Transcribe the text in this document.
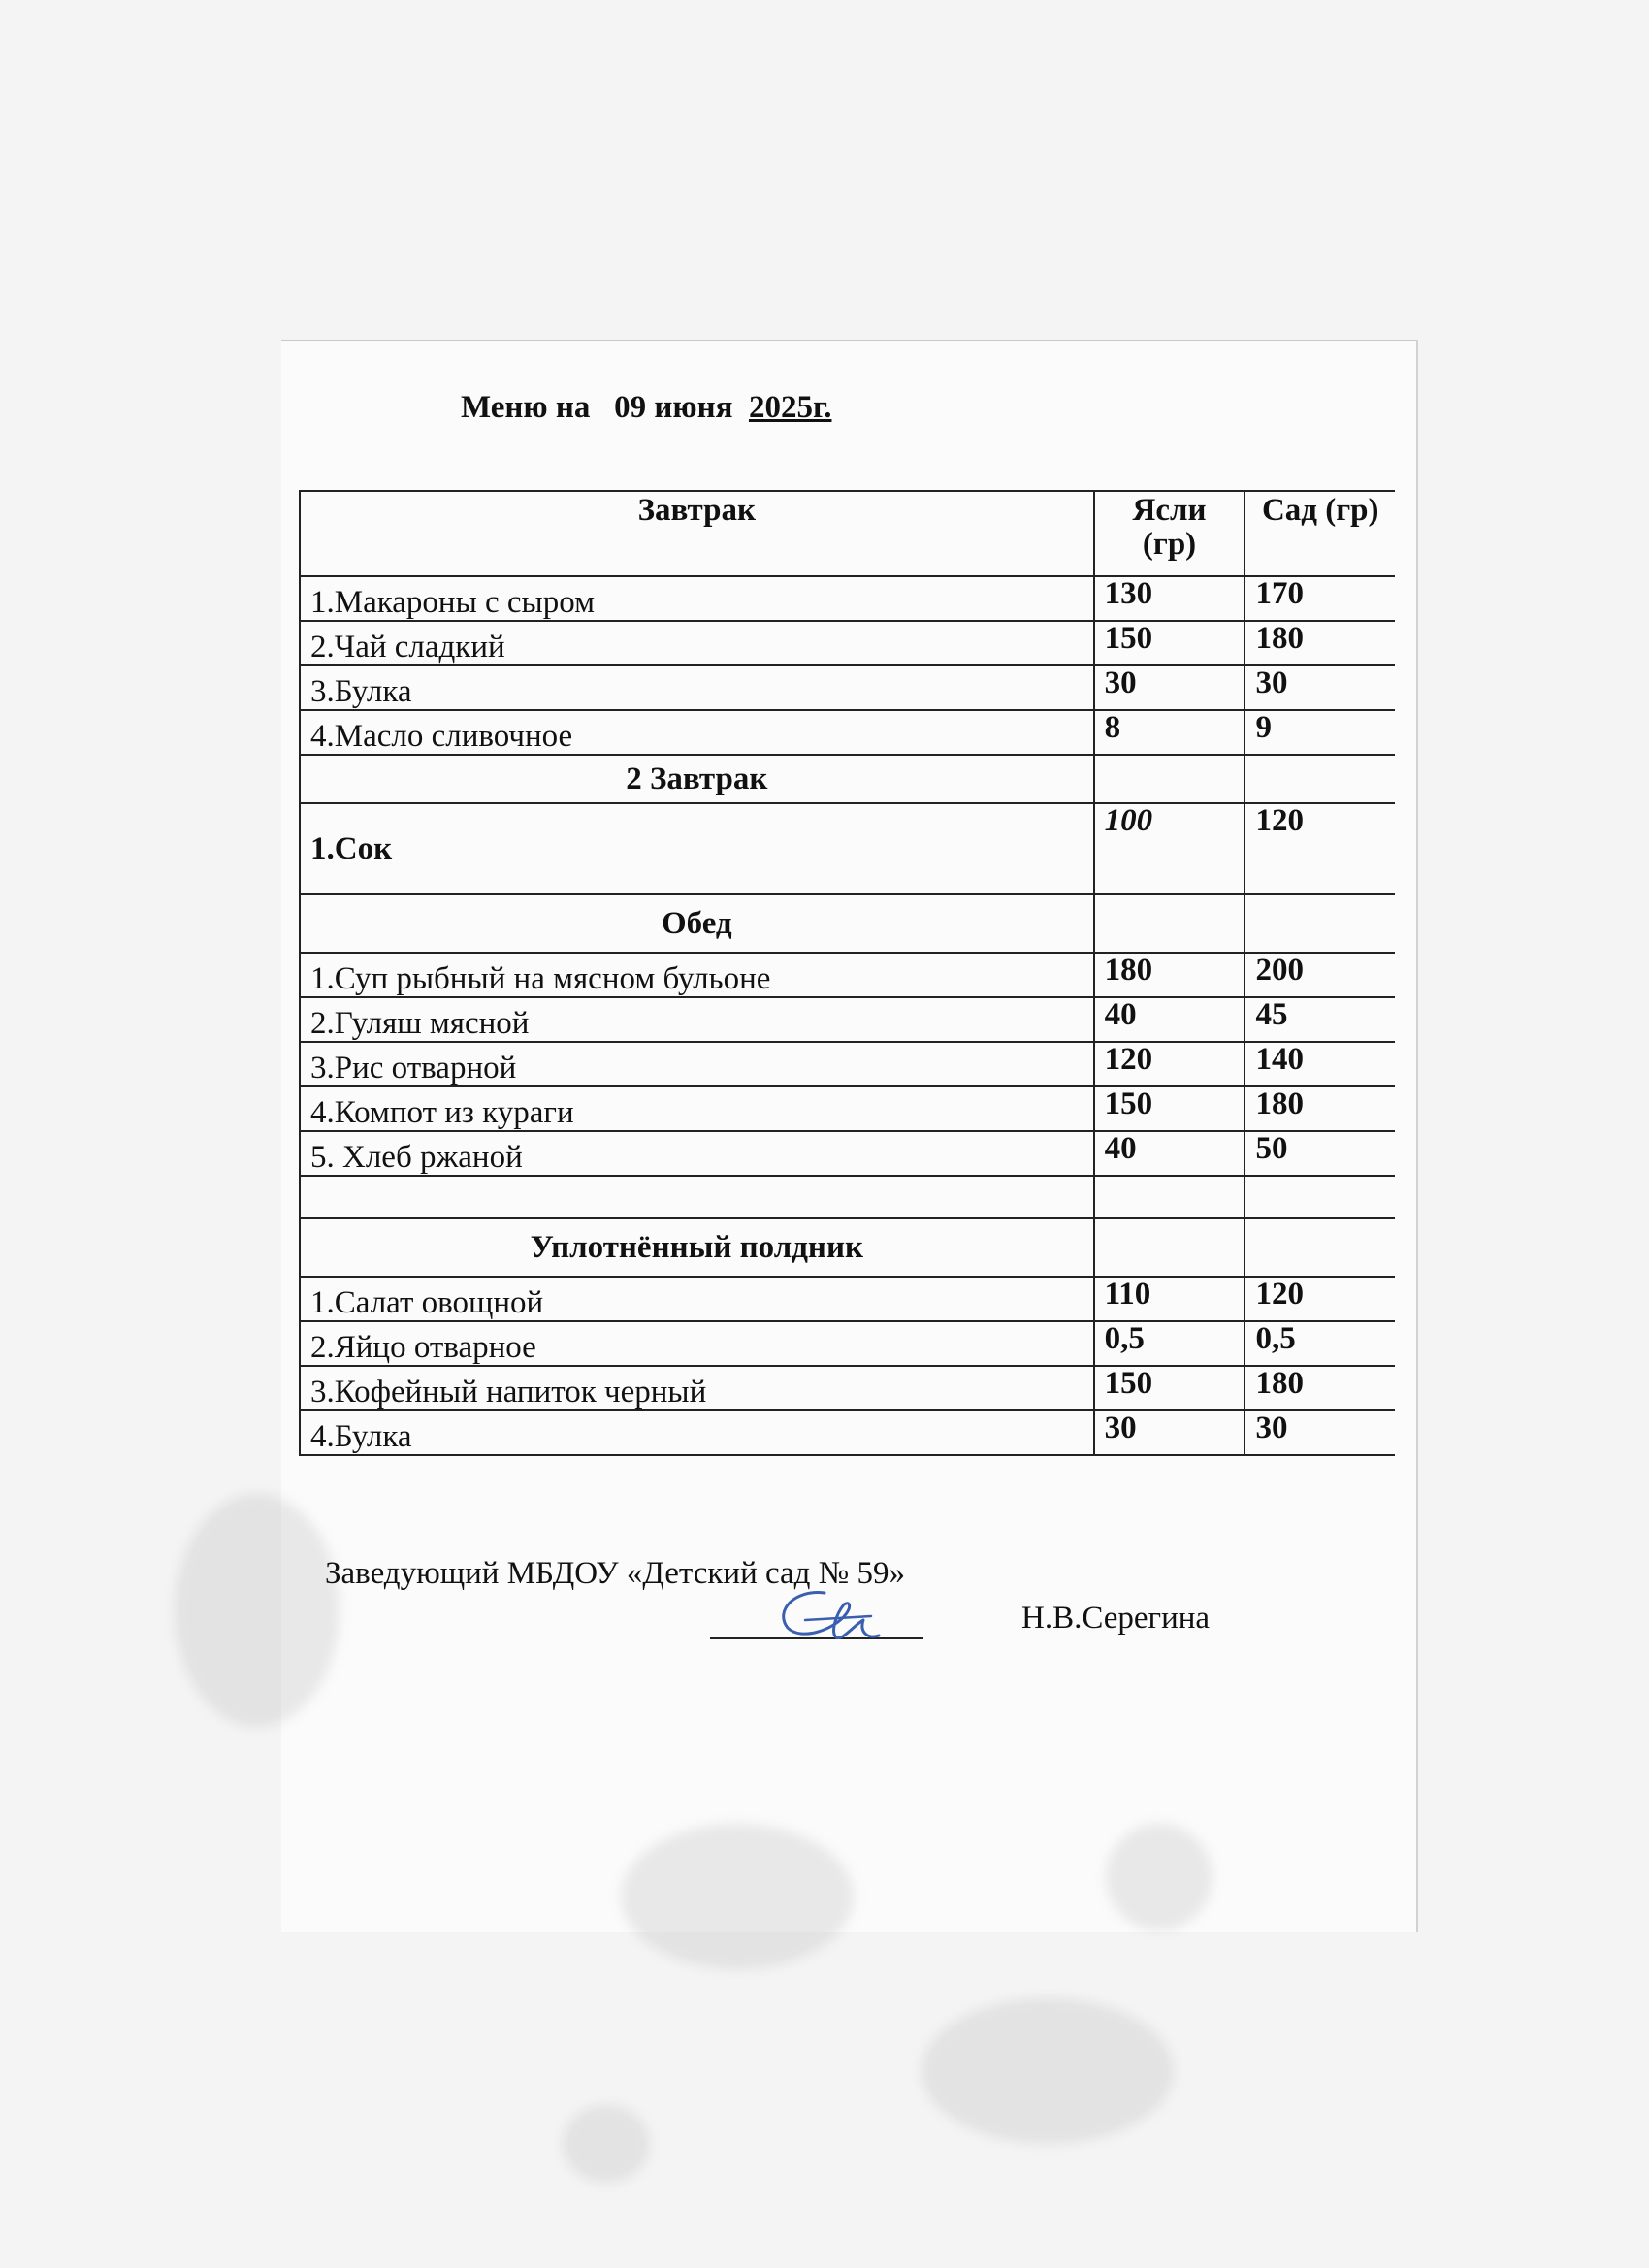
Меню на 09 июня 2025г.
Завтрак	Ясли (гр)	Сад (гр)
1.Макароны с сыром	130	170
2.Чай сладкий	150	180
3.Булка	30	30
4.Масло сливочное	8	9
2 Завтрак		
1.Сок	100	120
Обед		
1.Суп рыбный на мясном бульоне	180	200
2.Гуляш мясной	40	45
3.Рис отварной	120	140
4.Компот из кураги	150	180
5. Хлеб ржаной	40	50

Уплотнённый полдник		
1.Салат овощной	110	120
2.Яйцо отварное	0,5	0,5
3.Кофейный напиток черный	150	180
4.Булка	30	30
Заведующий МБДОУ «Детский сад № 59»
Н.В.Серегина
